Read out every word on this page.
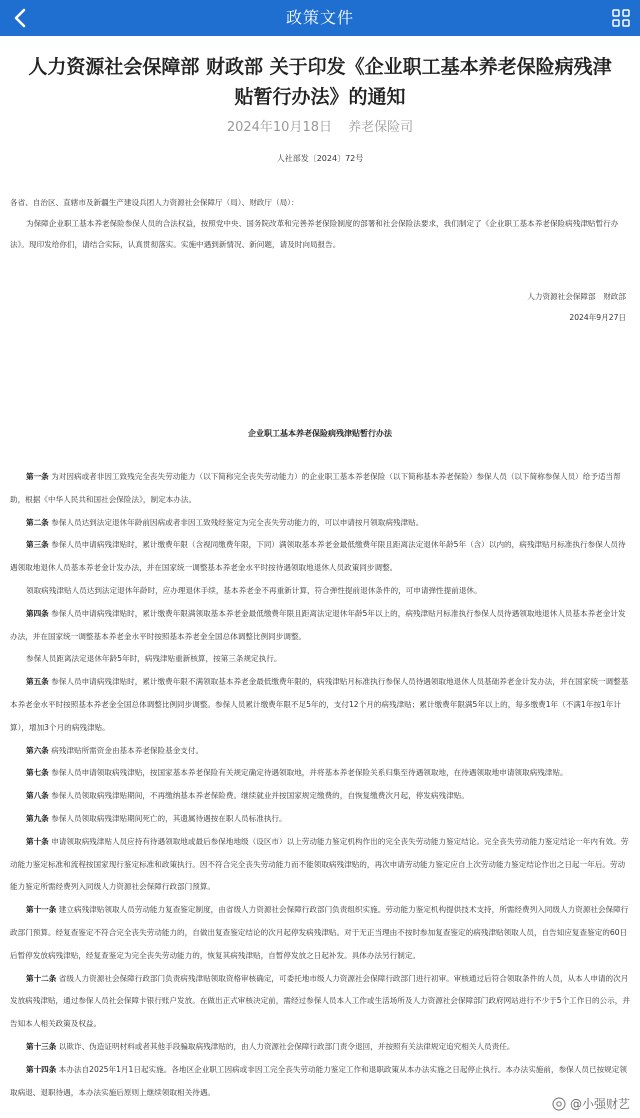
政策文件
人力资源社会保障部 财政部 关于印发《企业职工基本养老保险病残津贴暂行办法》的通知
2024年10月18日 养老保险司
人社部发〔2024〕72号

各省、自治区、直辖市及新疆生产建设兵团人力资源社会保障厅（局）、财政厅（局）：

为保障企业职工基本养老保险参保人员的合法权益，按照党中央、国务院改革和完善养老保险制度的部署和社会保险法要求，我们制定了《企业职工基本养老保险病残津贴暂行办法》。现印发给你们，请结合实际，认真贯彻落实。实施中遇到新情况、新问题，请及时向局报告。

人力资源社会保障部　财政部

2024年9月27日

企业职工基本养老保险病残津贴暂行办法

第一条 为对因病或者非因工致残完全丧失劳动能力（以下简称完全丧失劳动能力）的企业职工基本养老保险（以下简称基本养老保险）参保人员（以下简称参保人员）给予适当帮助，根据《中华人民共和国社会保险法》，制定本办法。

第二条 参保人员达到法定退休年龄前因病或者非因工致残经鉴定为完全丧失劳动能力的，可以申请按月领取病残津贴。

第三条 参保人员申请病残津贴时，累计缴费年限（含视同缴费年限，下同）满领取基本养老金最低缴费年限且距离法定退休年龄5年（含）以内的，病残津贴月标准执行参保人员待遇领取地退休人员基本养老金计发办法，并在国家统一调整基本养老金水平时按待遇领取地退休人员政策同步调整。

领取病残津贴人员达到法定退休年龄时，应办理退休手续，基本养老金不再重新计算，符合弹性提前退休条件的，可申请弹性提前退休。

第四条 参保人员申请病残津贴时，累计缴费年限满领取基本养老金最低缴费年限且距离法定退休年龄5年以上的，病残津贴月标准执行参保人员待遇领取地退休人员基本养老金计发办法，并在国家统一调整基本养老金水平时按照基本养老金全国总体调整比例同步调整。

参保人员距离法定退休年龄5年时，病残津贴重新核算，按第三条规定执行。

第五条 参保人员申请病残津贴时，累计缴费年限不满领取基本养老金最低缴费年限的，病残津贴月标准执行参保人员待遇领取地退休人员基础养老金计发办法，并在国家统一调整基本养老金水平时按照基本养老金全国总体调整比例同步调整。参保人员累计缴费年限不足5年的，支付12个月的病残津贴；累计缴费年限满5年以上的，每多缴费1年（不满1年按1年计算），增加3个月的病残津贴。

第六条 病残津贴所需资金由基本养老保险基金支付。

第七条 参保人员申请领取病残津贴，按国家基本养老保险有关规定确定待遇领取地，并将基本养老保险关系归集至待遇领取地，在待遇领取地申请领取病残津贴。

第八条 参保人员领取病残津贴期间，不再缴纳基本养老保险费。继续就业并按国家规定缴费的，自恢复缴费次月起，停发病残津贴。

第九条 参保人员领取病残津贴期间死亡的，其遗属待遇按在职人员标准执行。

第十条 申请领取病残津贴人员应持有待遇领取地或最后参保地地级（设区市）以上劳动能力鉴定机构作出的完全丧失劳动能力鉴定结论。完全丧失劳动能力鉴定结论一年内有效。劳动能力鉴定标准和流程按国家现行鉴定标准和政策执行。因不符合完全丧失劳动能力而不能领取病残津贴的，再次申请劳动能力鉴定应自上次劳动能力鉴定结论作出之日起一年后。劳动能力鉴定所需经费列入同级人力资源社会保障行政部门预算。

第十一条 建立病残津贴领取人员劳动能力复查鉴定制度，由省级人力资源社会保障行政部门负责组织实施。劳动能力鉴定机构提供技术支持，所需经费列入同级人力资源社会保障行政部门预算。经复查鉴定不符合完全丧失劳动能力的，自做出复查鉴定结论的次月起停发病残津贴。对于无正当理由不按时参加复查鉴定的病残津贴领取人员，自告知应复查鉴定的60日后暂停发放病残津贴，经复查鉴定为完全丧失劳动能力的，恢复其病残津贴，自暂停发放之日起补发。具体办法另行制定。

第十二条 省级人力资源社会保障行政部门负责病残津贴领取资格审核确定，可委托地市级人力资源社会保障行政部门进行初审。审核通过后符合领取条件的人员，从本人申请的次月发放病残津贴，通过参保人员社会保障卡银行账户发放。在做出正式审核决定前，需经过参保人员本人工作或生活场所及人力资源社会保障部门政府网站进行不少于5个工作日的公示，并告知本人相关政策及权益。

第十三条 以欺诈、伪造证明材料或者其他手段骗取病残津贴的，由人力资源社会保障行政部门责令退回，并按照有关法律规定追究相关人员责任。

第十四条 本办法自2025年1月1日起实施。各地区企业职工因病或非因工完全丧失劳动能力鉴定工作和退职政策从本办法实施之日起停止执行。本办法实施前，参保人员已按规定领取病退、退职待遇，本办法实施后原则上继续领取相关待遇。

@小强财艺
